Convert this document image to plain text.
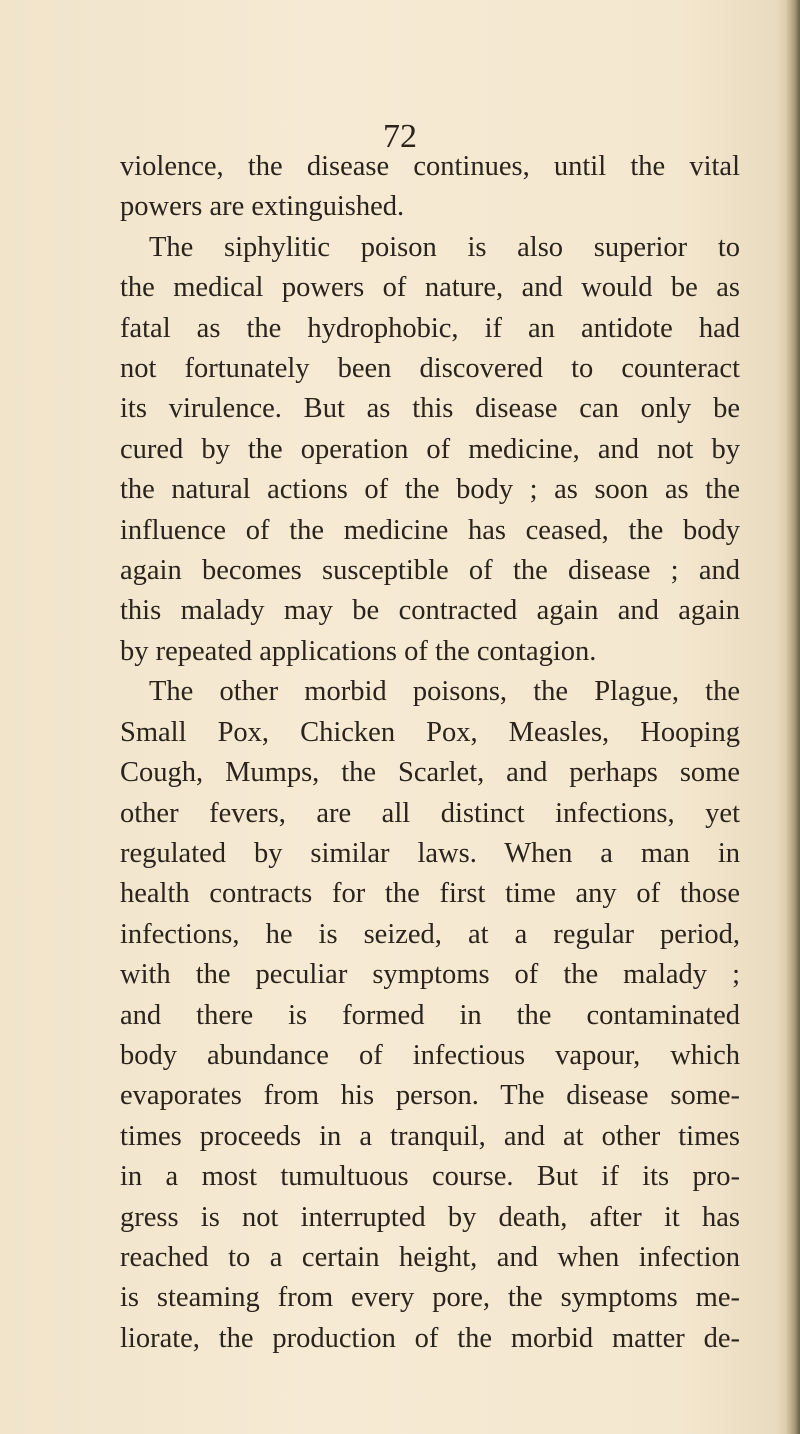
72

violence, the disease continues, until the vital
powers are extinguished.
The siphylitic poison is also superior to
the medical powers of nature, and would be as
fatal as the hydrophobic, if an antidote had
not fortunately been discovered to counteract
its virulence. But as this disease can only be
cured by the operation of medicine, and not by
the natural actions of the body ; as soon as the
influence of the medicine has ceased, the body
again becomes susceptible of the disease ; and
this malady may be contracted again and again
by repeated applications of the contagion.
The other morbid poisons, the Plague, the
Small Pox, Chicken Pox, Measles, Hooping
Cough, Mumps, the Scarlet, and perhaps some
other fevers, are all distinct infections, yet
regulated by similar laws. When a man in
health contracts for the first time any of those
infections, he is seized, at a regular period,
with the peculiar symptoms of the malady ;
and there is formed in the contaminated
body abundance of infectious vapour, which
evaporates from his person. The disease some-
times proceeds in a tranquil, and at other times
in a most tumultuous course. But if its pro-
gress is not interrupted by death, after it has
reached to a certain height, and when infection
is steaming from every pore, the symptoms me-
liorate, the production of the morbid matter de-
